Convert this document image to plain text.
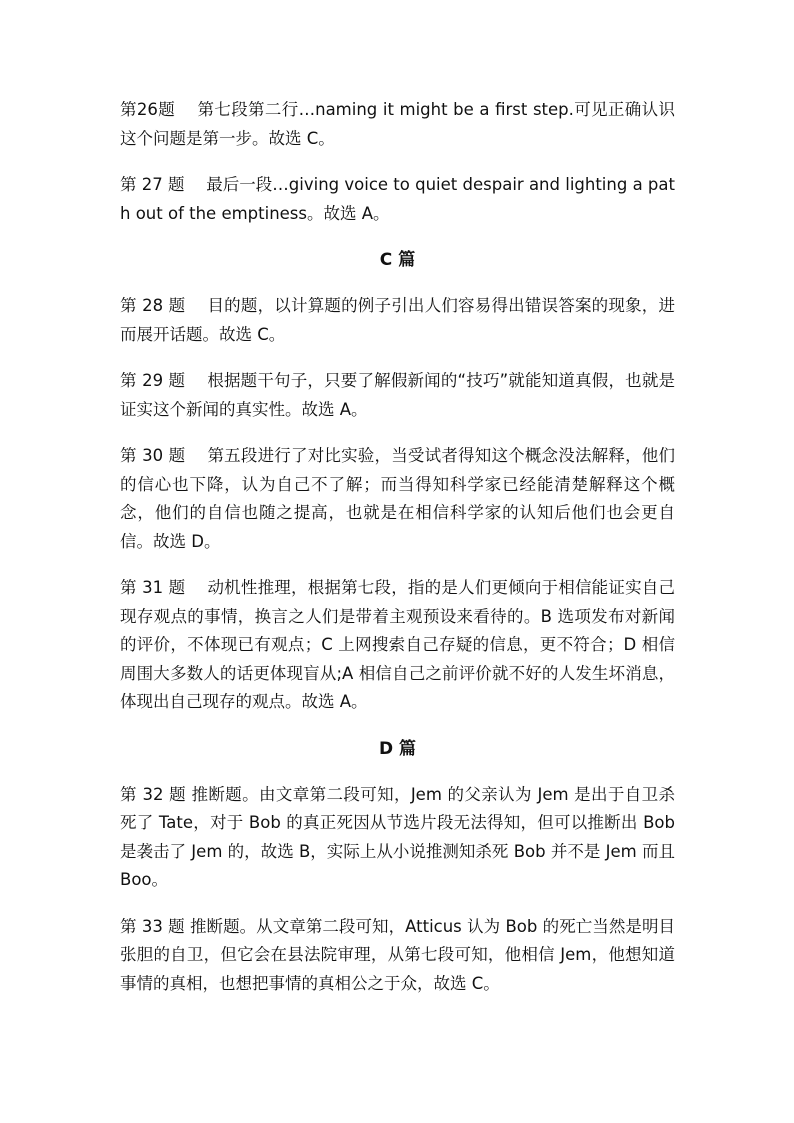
第26题　 第七段第二行…naming it might be a first step.可见正确认识这个问题是第一步。故选 C。

第 27 题　 最后一段…giving voice to quiet despair and lighting a path out of the emptiness。故选 A。

C 篇

第 28 题　 目的题，以计算题的例子引出人们容易得出错误答案的现象，进而展开话题。故选 C。

第 29 题　 根据题干句子，只要了解假新闻的“技巧”就能知道真假，也就是证实这个新闻的真实性。故选 A。

第 30 题　 第五段进行了对比实验，当受试者得知这个概念没法解释，他们的信心也下降，认为自己不了解；而当得知科学家已经能清楚解释这个概念，他们的自信也随之提高，也就是在相信科学家的认知后他们也会更自信。故选 D。

第 31 题　 动机性推理，根据第七段，指的是人们更倾向于相信能证实自己现存观点的事情，换言之人们是带着主观预设来看待的。B 选项发布对新闻的评价，不体现已有观点；C 上网搜索自己存疑的信息，更不符合；D 相信周围大多数人的话更体现盲从;A 相信自己之前评价就不好的人发生坏消息，体现出自己现存的观点。故选 A。

D 篇

第 32 题 推断题。由文章第二段可知，Jem 的父亲认为 Jem 是出于自卫杀死了 Tate，对于 Bob 的真正死因从节选片段无法得知，但可以推断出 Bob 是袭击了 Jem 的，故选 B，实际上从小说推测知杀死 Bob 并不是 Jem 而且 Boo。

第 33 题 推断题。从文章第二段可知，Atticus 认为 Bob 的死亡当然是明目张胆的自卫，但它会在县法院审理，从第七段可知，他相信 Jem，他想知道事情的真相，也想把事情的真相公之于众，故选 C。
